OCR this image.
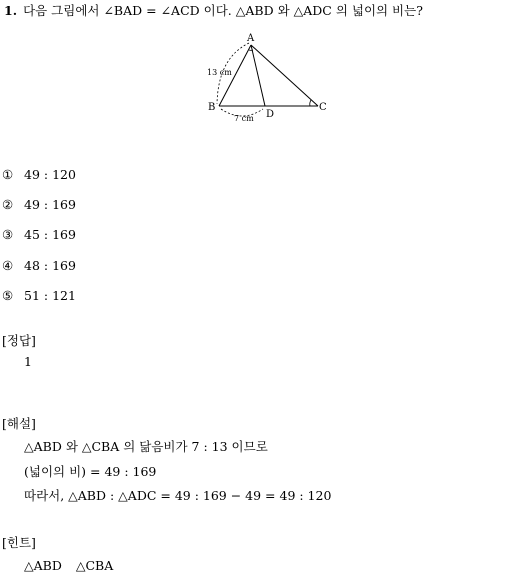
1. 다음 그림에서 ∠BAD = ∠ACD 이다. △ABD 와 △ADC 의 넓이의 비는?
A
B	C
D
13 cm
7 cm
① 49 : 120
② 49 : 169
③ 45 : 169
④ 48 : 169
⑤ 51 : 121
[정답]
1
[해설]
△ABD 와 △CBA 의 닮음비가 7 : 13 이므로
(넓이의 비) = 49 : 169
따라서, △ABD : △ADC = 49 : 169 − 49 = 49 : 120
[힌트]
△ABD △CBA
